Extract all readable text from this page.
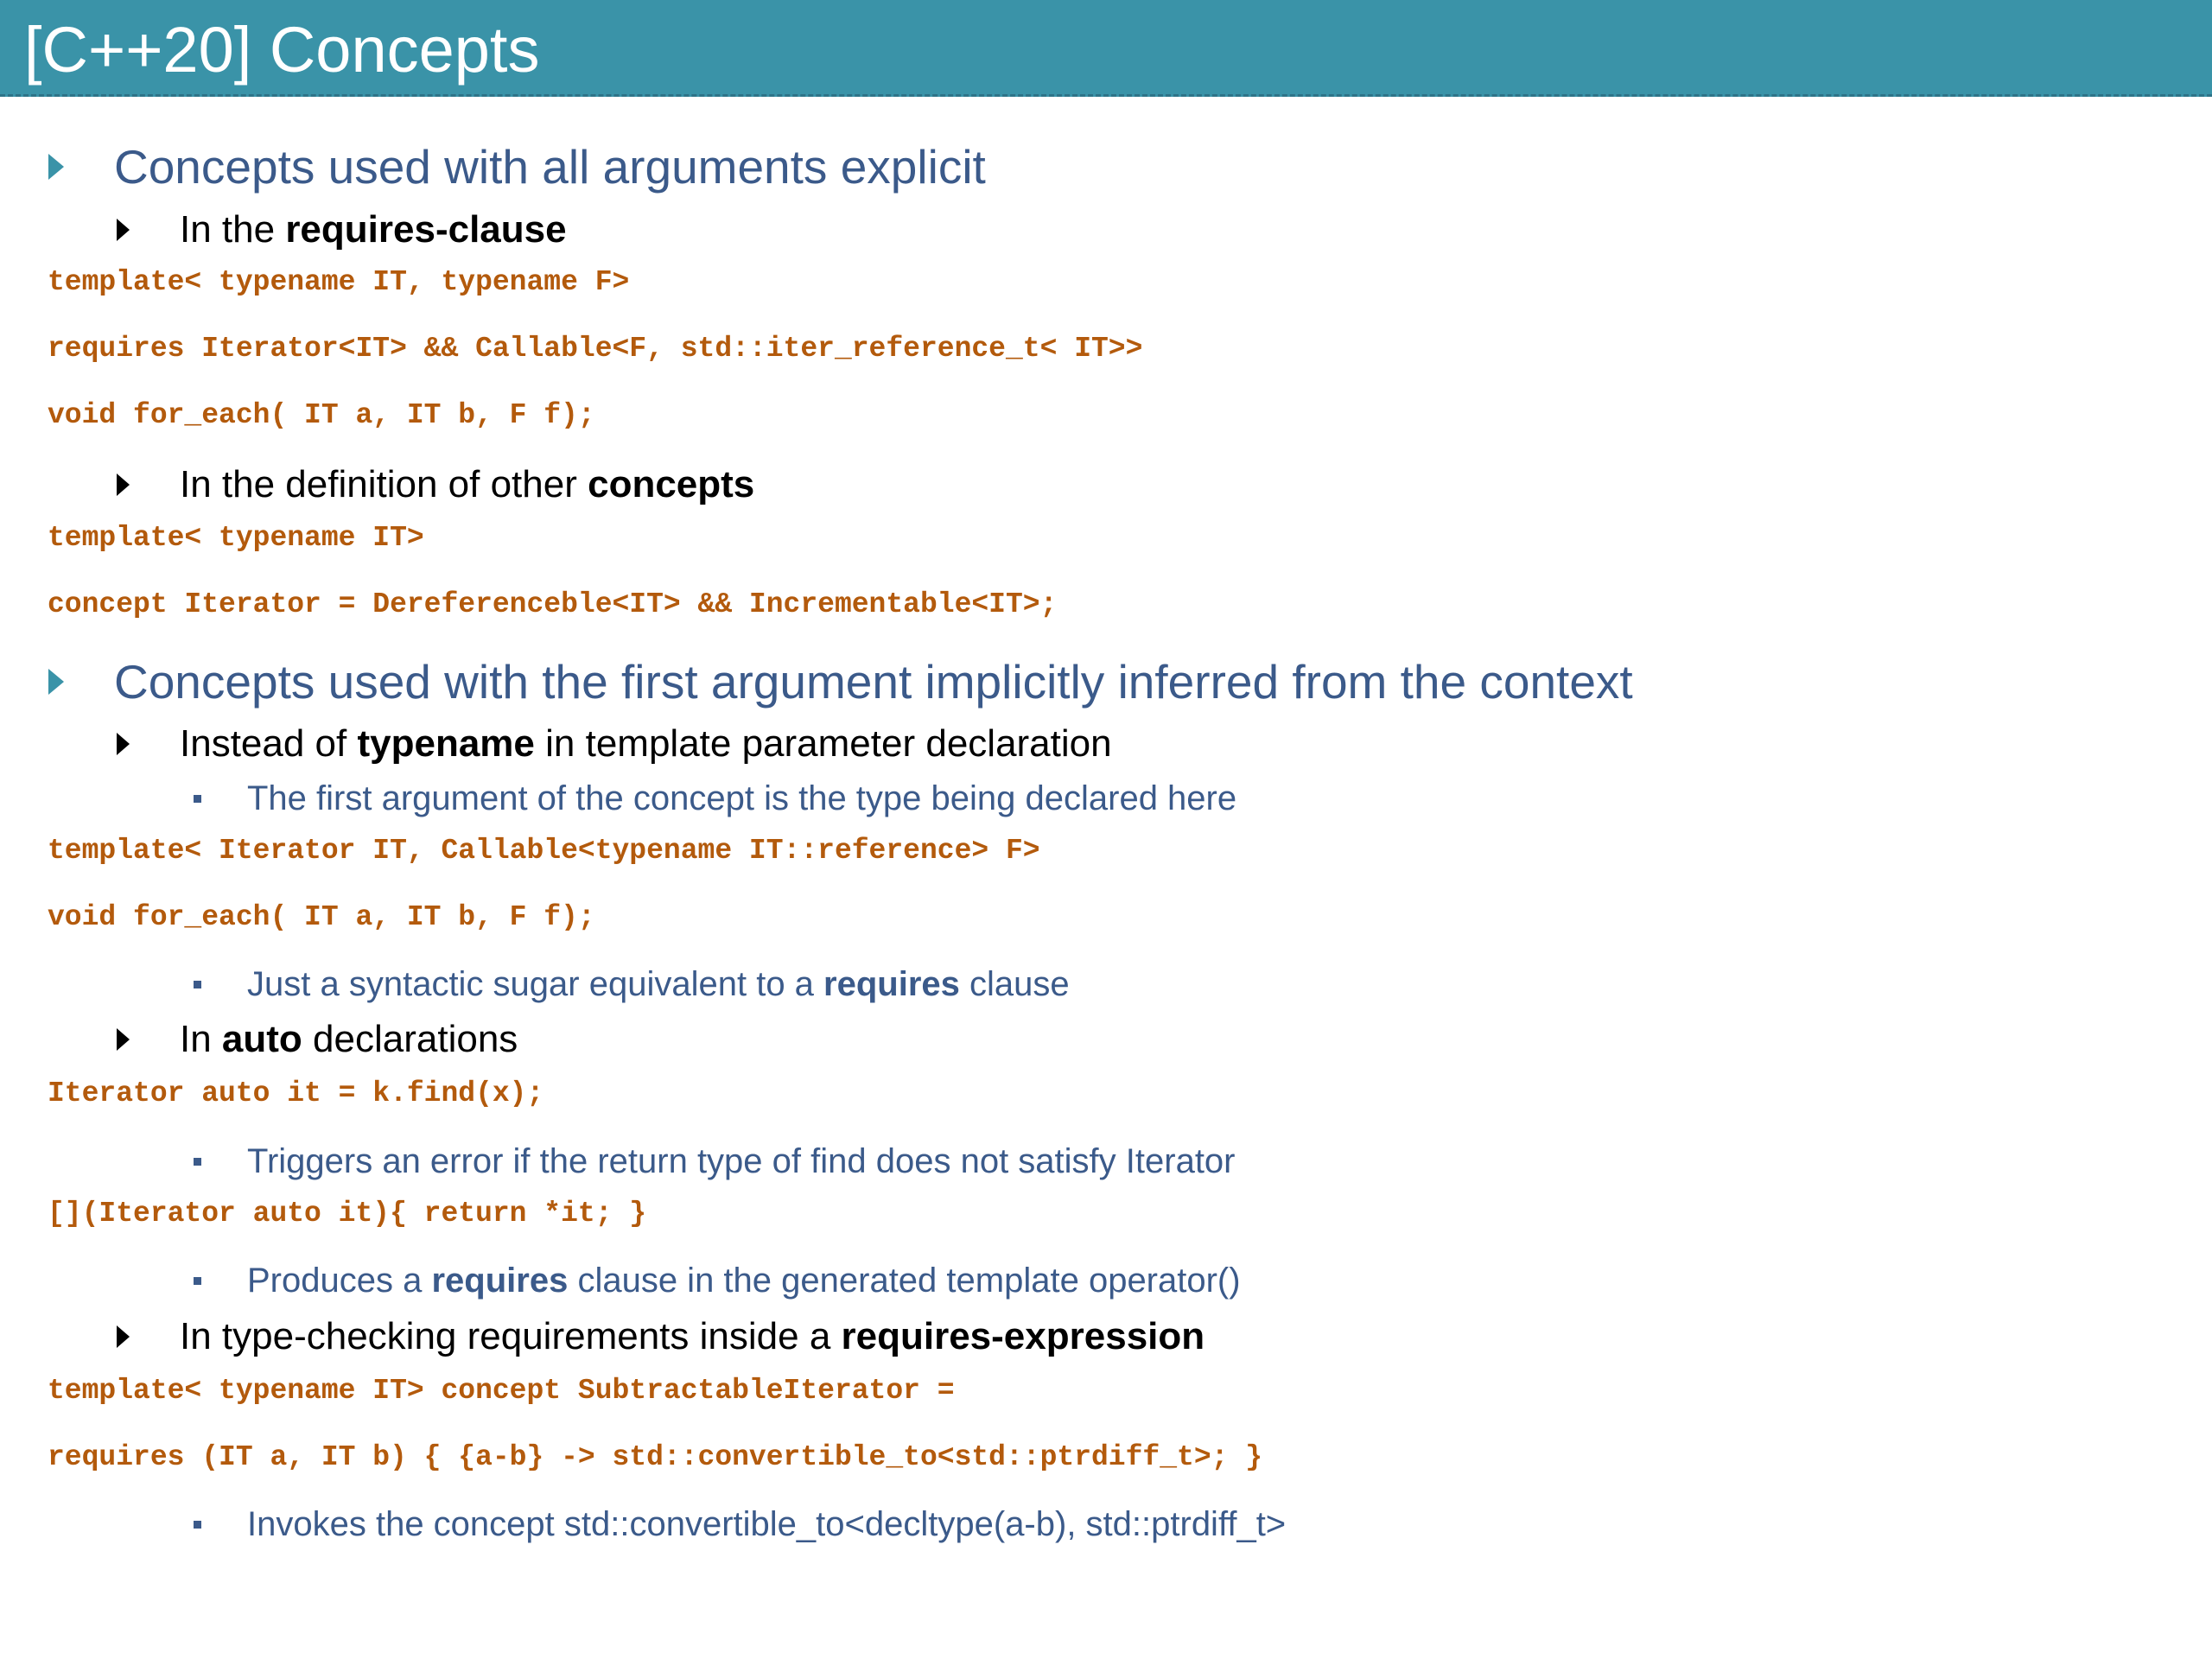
[C++20] Concepts
Concepts used with all arguments explicit
In the requires-clause
template< typename IT, typename F>
requires Iterator<IT> && Callable<F, std::iter_reference_t< IT>>
void for_each( IT a, IT b, F f);
In the definition of other concepts
template< typename IT>
concept Iterator = Dereferenceble<IT> && Incrementable<IT>;
Concepts used with the first argument implicitly inferred from the context
Instead of typename in template parameter declaration
The first argument of the concept is the type being declared here
template< Iterator IT, Callable<typename IT::reference> F>
void for_each( IT a, IT b, F f);
Just a syntactic sugar equivalent to a requires clause
In auto declarations
Iterator auto it = k.find(x);
Triggers an error if the return type of find does not satisfy Iterator
[](Iterator auto it){ return *it; }
Produces a requires clause in the generated template operator()
In type-checking requirements inside a requires-expression
template< typename IT> concept SubtractableIterator =
requires (IT a, IT b) { {a-b} -> std::convertible_to<std::ptrdiff_t>; }
Invokes the concept std::convertible_to<decltype(a-b), std::ptrdiff_t>
